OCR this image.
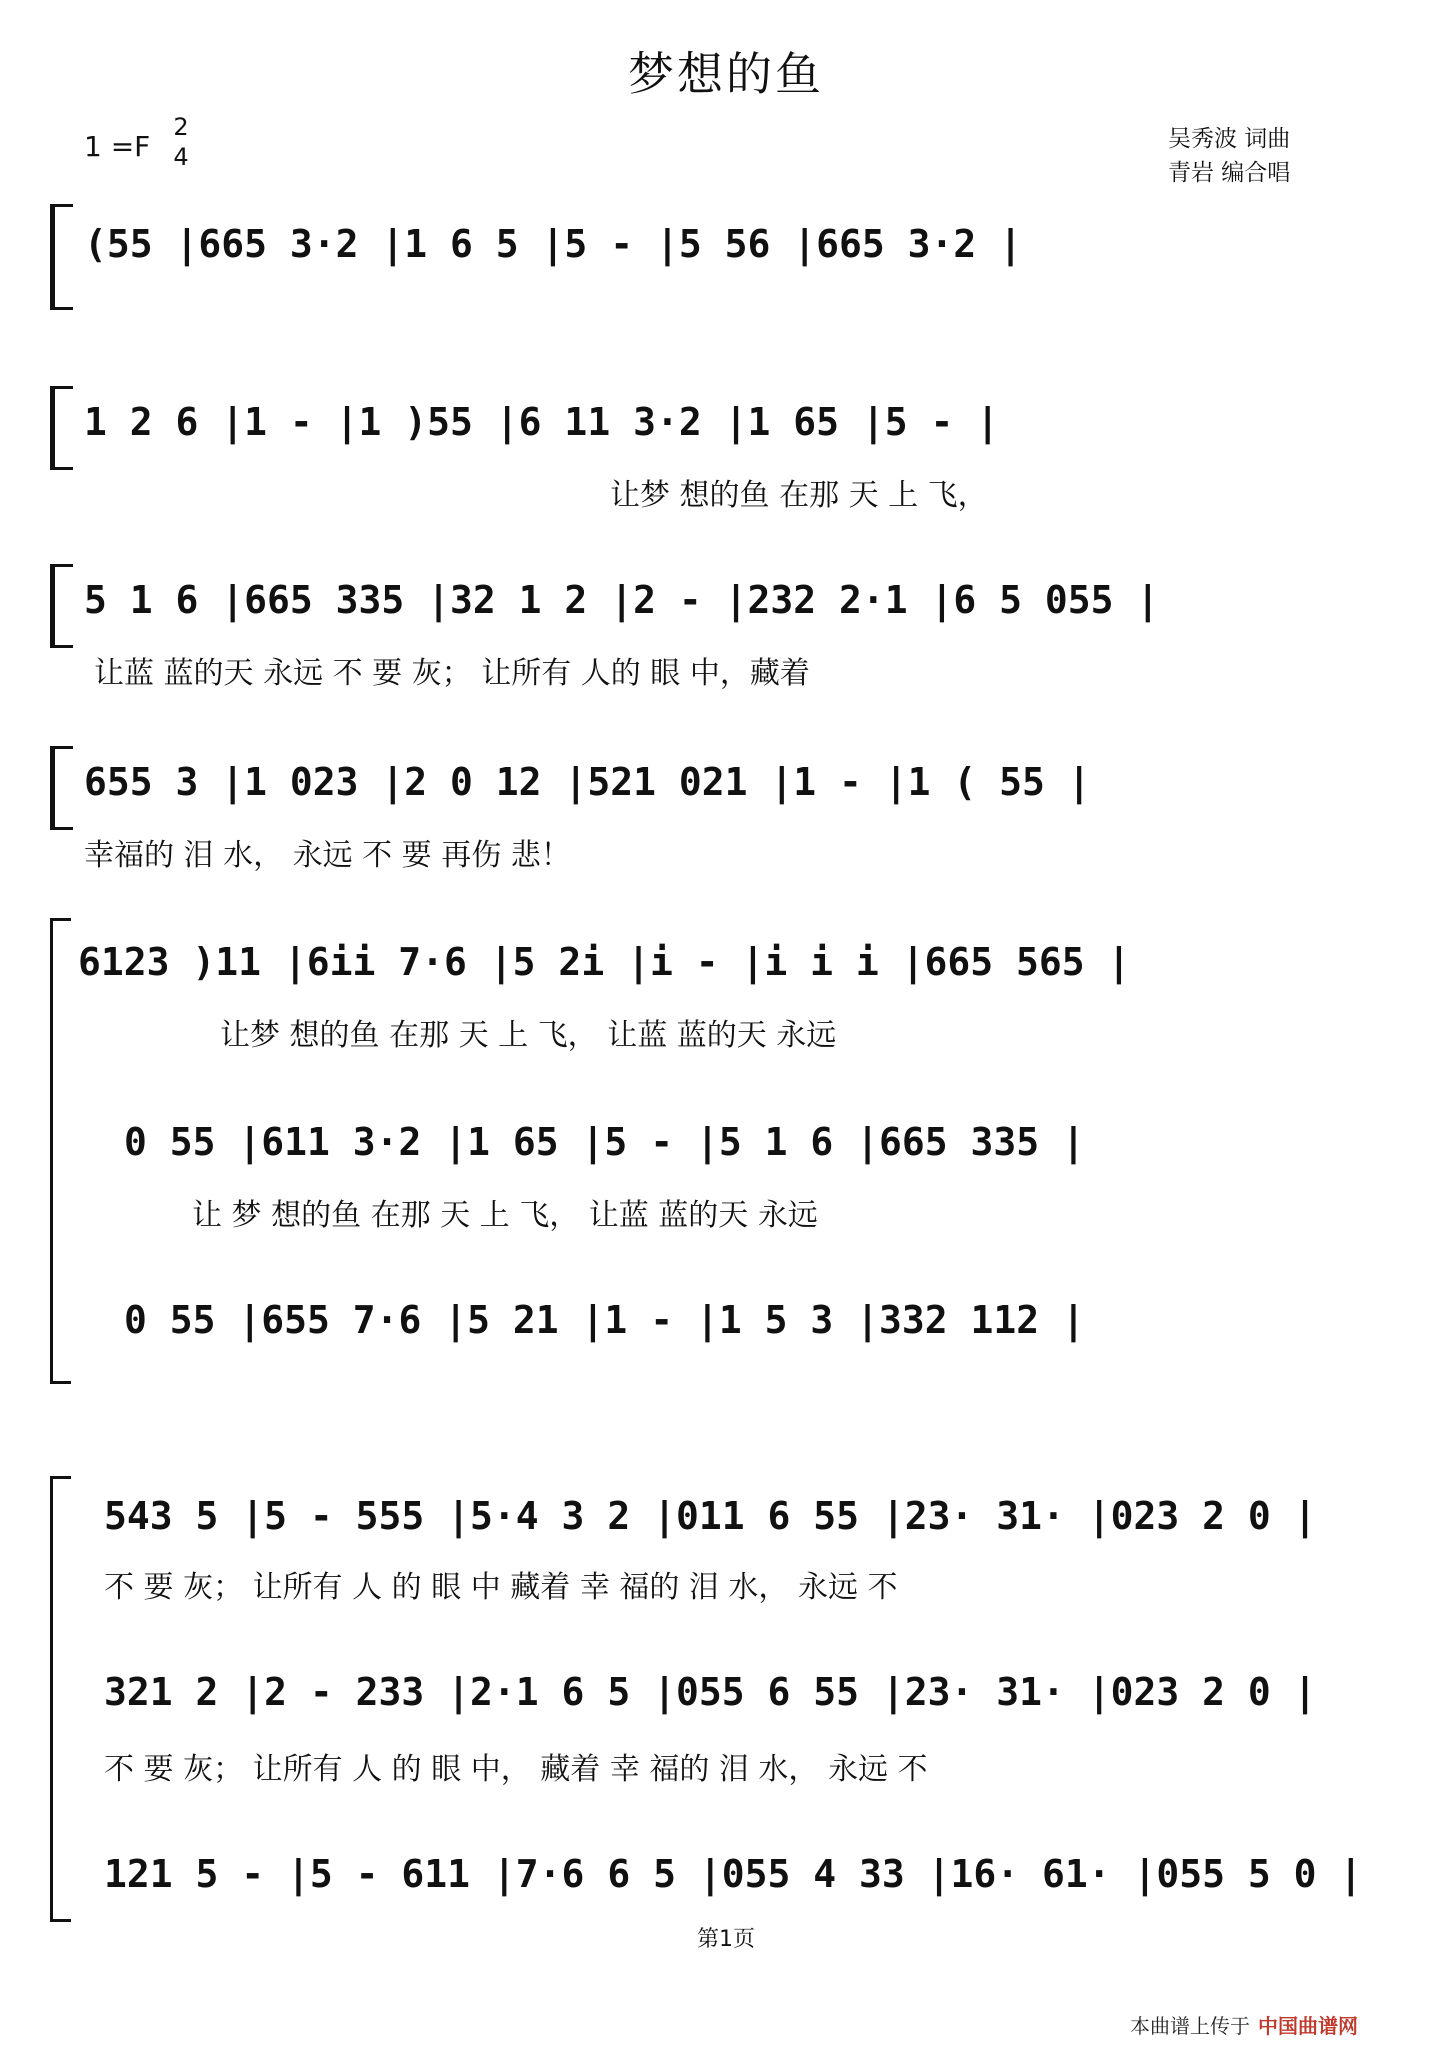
梦想的鱼
1 =F
2
4
吴秀波 词曲
青岩 编合唱
(55 |665 3·2 |1 6 5 |5 - |5 56 |665 3·2 |
1 2 6 |1 - |1 )55 |6 11 3·2 |1 65 |5 - |
让梦 想的鱼 在那 天 上 飞，
5 1 6 |665 335 |32 1 2 |2 - |232 2·1 |6 5 055 |
让蓝 蓝的天 永远 不 要 灰； 让所有 人的 眼 中，藏着
655 3 |1 023 |2 0 12 |521 021 |1 - |1 ( 55 |
幸福的 泪 水， 永远 不 要 再伤 悲！
6123 )11 |6ii 7·6 |5 2i |i - |i i i |665 565 |
让梦 想的鱼 在那 天 上 飞， 让蓝 蓝的天 永远
0 55 |611 3·2 |1 65 |5 - |5 1 6 |665 335 |
让 梦 想的鱼 在那 天 上 飞， 让蓝 蓝的天 永远
0 55 |655 7·6 |5 21 |1 - |1 5 3 |332 112 |
543 5 |5 - 555 |5·4 3 2 |011 6 55 |23· 31· |023 2 0 |
不 要 灰； 让所有 人 的 眼 中 藏着 幸 福的 泪 水， 永远 不
321 2 |2 - 233 |2·1 6 5 |055 6 55 |23· 31· |023 2 0 |
不 要 灰； 让所有 人 的 眼 中， 藏着 幸 福的 泪 水， 永远 不
121 5 - |5 - 611 |7·6 6 5 |055 4 33 |16· 61· |055 5 0 |
第1页
本曲谱上传于 中国曲谱网
